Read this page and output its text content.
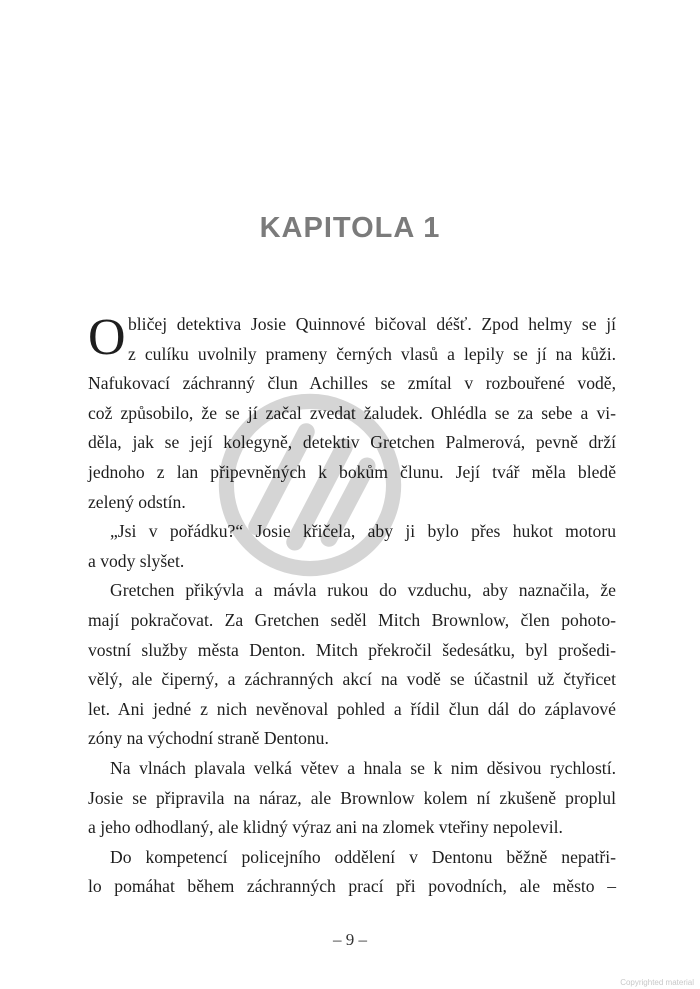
KAPITOLA 1
O bličej detektiva Josie Quinnové bičoval déšť. Zpod helmy se jí
z culíku uvolnily prameny černých vlasů a lepily se jí na kůži.
Nafukovací záchranný člun Achilles se zmítal v rozbouřené vodě,
což způsobilo, že se jí začal zvedat žaludek. Ohlédla se za sebe a vi-
děla, jak se její kolegyně, detektiv Gretchen Palmerová, pevně drží
jednoho z lan připevněných k bokům člunu. Její tvář měla bledě
zelený odstín.
„Jsi v pořádku?“ Josie křičela, aby ji bylo přes hukot motoru
a vody slyšet.
Gretchen přikývla a mávla rukou do vzduchu, aby naznačila, že
mají pokračovat. Za Gretchen seděl Mitch Brownlow, člen pohoto-
vostní služby města Denton. Mitch překročil šedesátku, byl prošedi-
vělý, ale čiperný, a záchranných akcí na vodě se účastnil už čtyřicet
let. Ani jedné z nich nevěnoval pohled a řídil člun dál do záplavové
zóny na východní straně Dentonu.
Na vlnách plavala velká větev a hnala se k nim děsivou rychlostí.
Josie se připravila na náraz, ale Brownlow kolem ní zkušeně proplul
a jeho odhodlaný, ale klidný výraz ani na zlomek vteřiny nepolevil.
Do kompetencí policejního oddělení v Dentonu běžně nepatři-
lo pomáhat během záchranných prací při povodních, ale město –
– 9 –
Copyrighted material
